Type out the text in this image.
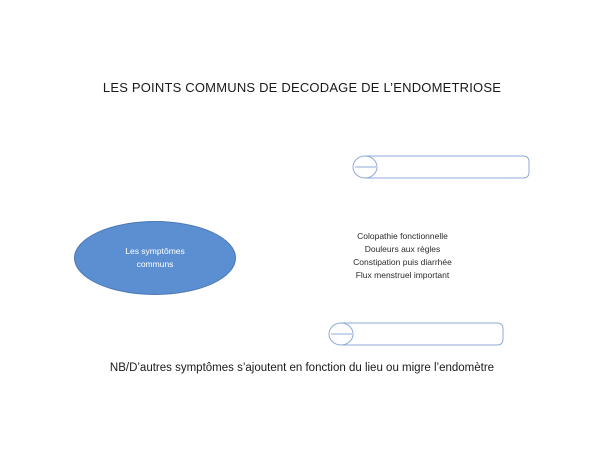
LES POINTS COMMUNS DE DECODAGE DE L’ENDOMETRIOSE
Les symptômes
communs
Colopathie fonctionnelle
Douleurs aux règles
Constipation puis diarrhée
Flux menstruel important
NB/D’autres symptômes s’ajoutent en fonction du lieu ou migre l’endomètre
